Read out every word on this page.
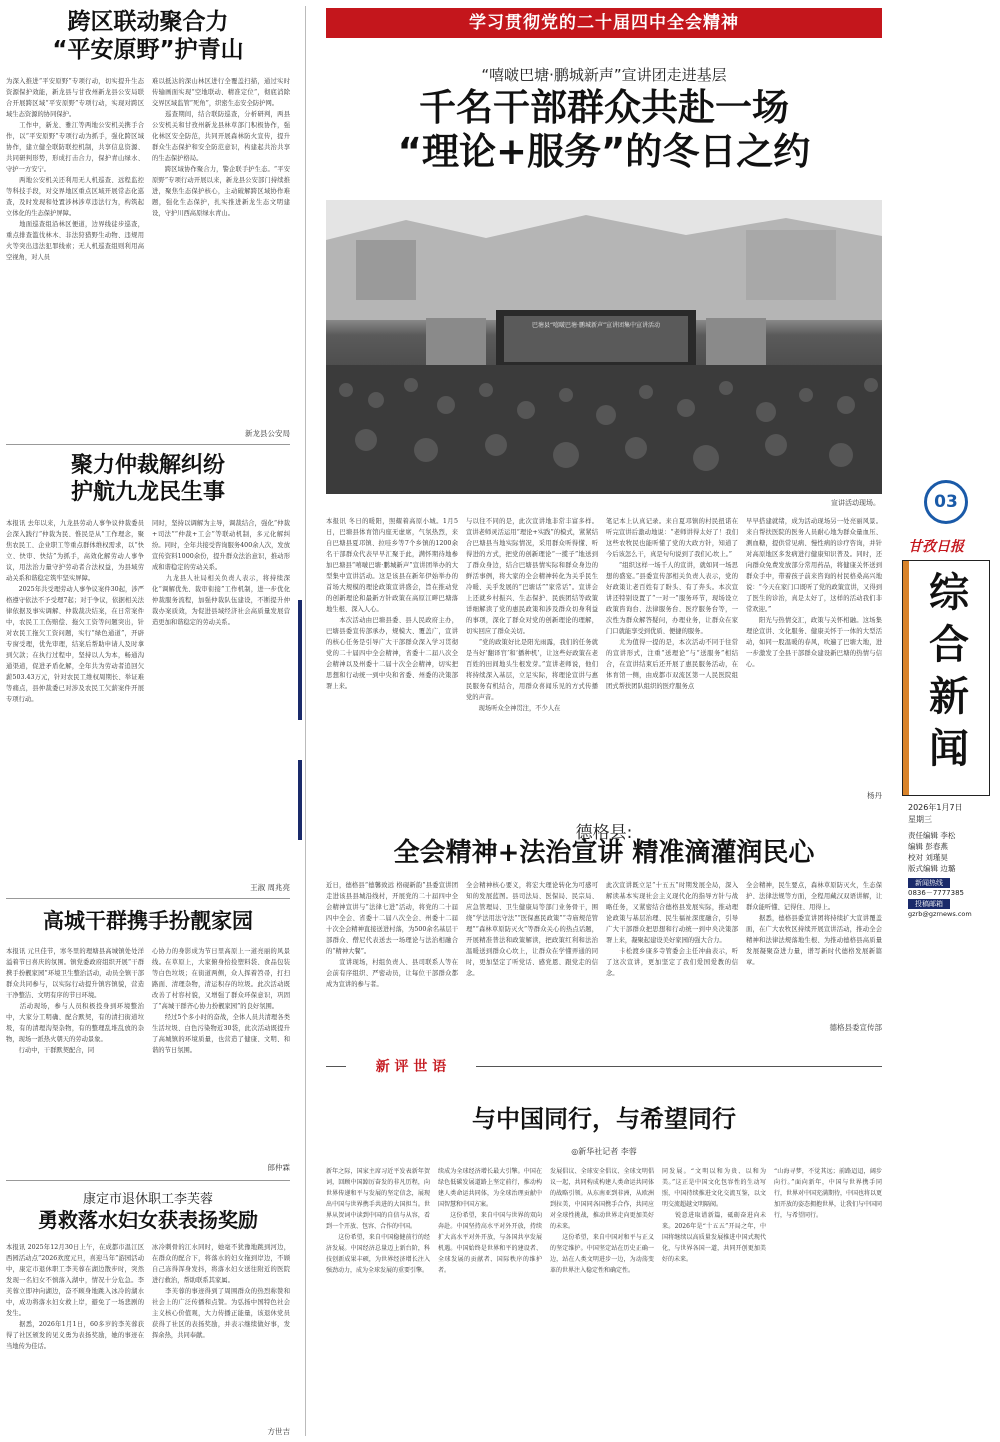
跨区联动聚合力
“平安原野”护青山
为深入推进“平安原野”专项行动，切实提升生态资源保护效能，新龙县与甘孜州新龙县公安局联合开展跨区域“平安原野”专项行动，实现对跨区域生态资源的协同保护。
　　工作中，新龙、雅江等两地公安机关携手合作，以“平安原野”专项行动为抓手，强化跨区域协作，建立健全联防联控机制，共享信息资源、共同研判形势，形成打击合力，保护青山绿水、守护一方安宁。
　　两地公安机关还利用无人机巡查、远程监控等科技手段，对交界地区重点区域开展常态化巡查，及时发现和处置涉林涉草违法行为，构筑起立体化的生态保护屏障。
　　地面巡查组沿林区便道，边界线徒步巡查，重点排查滥伐林木、非法狩猎野生动物、违规用火等突出违法犯罪线索；无人机巡查组则利用高空视角，对人员
难以抵达的深山林区进行全覆盖扫描，通过实时传输画面实现“空地联动、精准定位”，彻底消除交界区域监管“死角”，织密生态安全防护网。
　　巡查期间，结合联防巡查，分析研判，两县公安机关和甘孜州新龙县林草部门积极协作，强化林区安全防范，共同开展森林防火宣传，提升群众生态保护和安全防范意识，构建起共治共享的生态保护格局。
　　跨区域协作聚合力，警企联手护生态。“平安原野”专项行动开展以来，新龙县公安部门持续推进，聚焦生态保护核心，主动破解跨区域协作难题，强化生态保护，扎实推进新龙生态文明建设，守护川西高原绿水青山。
新龙县公安局
聚力仲裁解纠纷
护航九龙民生事
本报讯 去年以来，九龙县劳动人事争议仲裁委员会深入践行“仲裁为民、惟民是从”工作理念，聚焦农民工、企业职工等重点群体维权需求，以“快立、快审、快结”为抓手，高效化解劳动人事争议，用法治力量守护劳动者合法权益，为县域劳动关系和谐稳定筑牢坚实屏障。
　　2025年共受理劳动人事争议案件30起，涉严格遵守依法不予受理7起；对于争议，依据相关法律依据及事实调解、仲裁裁决结案，在日常案件中，农民工工伤赔偿、拖欠工资等问题突出，针对农民工拖欠工资问题，实行“绿色通道”，开辟专窗受理，优先审理，结案后帮助申请人及时拿到欠款；在执行过程中，坚持以人为本，畅通沟通渠道，促进矛盾化解，全年共为劳动者追回欠薪503.43万元，针对农民工维权周期长、举证难等痛点，县仲裁委已对涉及农民工欠薪案件开展专项行动。
同时，坚持以调解为主导，调裁结合，强化“仲裁+司法”“仲裁+工会”等联动机制，多元化解纠纷。同时，全年共接受咨询服务400余人次，发放宣传资料1000余份，提升群众法治意识，推动形成和谐稳定的劳动关系。
　　九龙县人社局相关负责人表示，将持续深化“调解优先、裁审衔接”工作机制，进一步优化仲裁服务流程，加强仲裁队伍建设，不断提升仲裁办案质效，为促进县域经济社会高质量发展营造更加和谐稳定的劳动关系。
王淑 周兆亮
高城干群携手扮靓家园
本报讯 元旦佳节，寒冬里的理塘县高城镇处处洋溢着节日喜庆的氛围。镇党委政府组织开展“干群携手扮靓家园”环境卫生整治活动，动员全镇干部群众共同参与，以实际行动提升镇容镇貌，营造干净整洁、文明有序的节日环境。
　　活动现场，参与人员积极投身到环境整治中，大家分工明确、配合默契，有的清扫街道垃圾，有的清理沟渠杂物，有的整理乱堆乱放的杂物，现场一派热火朝天的劳动景象。
　　行动中，干群默契配合，同
心协力的身影成为节日里高原上一道亮丽的风景线。在草原上，大家俯身拾捡塑料袋、食品包装等白色垃圾；在街道两侧，众人挥着笤帚，打扫路面、清理杂物，清运积存的垃圾。此次活动既改善了村容村貌，又增强了群众环保意识，巩固了“高城干群齐心协力扮靓家园”的良好氛围。
　　经过5个多小时的奋战，全体人员共清理各类生活垃圾、白色污染物近30袋，此次活动既提升了高城镇的环境质量，也营造了健康、文明、和谐的节日氛围。
郎仲霖
康定市退休职工李芙蓉
勇救落水妇女获表扬奖励
本报讯 2025年12月30日上午，在成都市温江区西园活动点“2026欢度元旦，喜迎马年”游园活动中，康定市退休职工李芙蓉在湖边散步时，突然发现一名妇女不慎落入湖中，情况十分危急。李芙蓉立即冲向湖边，奋不顾身地跳入冰冷的湖水中，成功将落水妇女救上岸，避免了一场悲剧的发生。
　　据悉，2026年1月1日，60多岁的李芙蓉获得了社区颁发的见义勇为表扬奖励，她的事迹在当地传为佳话。
冰冷刺骨的江水同时，她毫不犹豫地跳到河边，在群众的配合下，将落水的妇女拖到岸边，不顾自己冻得浑身发抖，将落水妇女送往附近的医院进行救治，帮助联系其家属。
　　李芙蓉的事迹得到了周围群众的热烈称赞和社会上的广泛传播和点赞。为弘扬中国特色社会主义核心价值观，大力传播正能量，该退休党员获得了社区的表扬奖励，并表示继续做好事，发挥余热，共同奉献。
方世吉
学习贯彻党的二十届四中全会精神
“嘻啵巴塘·鹏城新声”宣讲团走进基层
千名干部群众共赴一场
“理论+服务”的冬日之约
巴塘县“嘻啵巴塘·鹏城新声”宣讲团集中宣讲活动
宣讲活动现场。
本报讯 冬日的暖阳，照耀着高原小城。1月5日，巴塘县体育馆内座无虚席，气氛热烈，来自巴塘县夏邛镇、拉哇乡等7个乡镇的1200余名干部群众代表早早汇聚于此，满怀期待地参加巴塘县“嘻啵巴塘·鹏城新声”宣讲团举办的大型集中宣讲活动。这是该县在新年伊始举办的首场大规模的理论政策宣讲盛会，旨在推动党的创新理论和最新方针政策在高原江畔巴塘落地生根、深入人心。
　　本次活动由巴塘县委、县人民政府主办，巴塘县委宣传部承办，规模大、覆盖广，宣讲的核心任务是引导广大干部群众深入学习贯彻党的二十届四中全会精神，省委十二届八次全会精神以及州委十二届十次全会精神，切实把思想和行动统一到中央和省委、州委的决策部署上来。
与以往不同的是，此次宣讲地非常丰富多样。宣讲老师灵活运用“理论+实践”的模式，紧紧结合巴塘县当地实际情况，采用群众听得懂、听得进的方式，把党的创新理论“一揽子”地送到了群众身边，结合巴塘县情实际和群众身边的鲜活事例，将大家的全会精神转化为关乎民生冷暖、关乎发展的“巴塘话”“家常话”。宣讲会上还就乡村振兴、生态保护、民族团结等政策详细解读了党的惠民政策和涉及群众切身利益的事项，深化了群众对党的创新理论的理解，切实回应了群众关切。
　　“党的政策好比是阳光雨露，我们的任务就是当好‘翻译官’和‘播种机’，让这些好政策在老百姓的田间地头生根发芽。”宣讲老师说，他们将持续深入基层，立足实际，将理论宣讲与惠民服务有机结合，用群众喜闻乐见的方式传播党的声音。
　　现场听众全神贯注，不少人在
笔记本上认真记录。来自夏邛镇的村民扭诺在听完宣讲后激动地说：“老师讲得太好了！我们这些农牧民也能听懂了党的大政方针，知道了今后该怎么干，真是句句说到了我们心坎上。”
　　“组织这样一场千人的宣讲，就如同一场思想的盛宴。”县委宣传部相关负责人表示，党的好政策让老百姓有了盼头、有了奔头。本次宣讲还特别设置了“一对一”服务环节，现场设立政策咨询台、法律服务台、医疗服务台等，一次性为群众解答疑问，办理业务，让群众在家门口就能享受到优质、便捷的服务。
　　尤为值得一提的是，本次活动不同于往常的宣讲形式，注重“送理论”与“送服务”相结合，在宣讲结束后还开展了惠民服务活动，在体育馆一侧，由成都市双流区第一人民医院组团式帮扶团队组织的医疗服务点
早早搭建就绪，成为活动现场另一处亮丽风景。来自帮扶医院的医务人员耐心地为群众量血压、测血糖，提供常见病、慢性病的诊疗咨询，并针对高原地区多发病进行健康知识普及。同时，还向群众免费发放部分常用药品，将健康关怀送到群众手中，带着孩子前来咨询的村民格桑高兴地说：“今天在家门口既听了党的政策宣讲，又得到了医生的诊治，真是太好了，这样的活动我们非常欢迎。”
　　阳光与热情交汇，政策与关怀相融。这场集理论宣讲、文化服务、健康关怀于一体的大型活动，如同一股温暖的春风，吹遍了巴塘大地，进一步激发了全县干部群众建设新巴塘的热情与信心。
杨丹
德格县:
全会精神+法治宣讲 精准滴灌润民心
近日，德格县“德馨致远 格砚新韵”县委宣讲团走进该县县城沿线村，开展党的二十届四中全会精神宣讲与“法律七进”活动，将党的二十届四中全会、省委十二届八次全会、州委十二届十次全会精神直接送进村落，为500余名基层干部群众、僧尼代表送去一场理论与法治相融合的“精神大餐”。
　　宣讲现场，村组负责人、县司联系人等在会前有序组织、严密动员，让每位干部群众都成为宣讲的参与者。
全会精神核心要义，将宏大理论转化为可感可知的发展蓝图。县司法局、医保局、民宗局、应急管理局、卫生健康局等部门业务骨干，围绕“学法用法守法”“医保惠民政策”“寺庙规范管理”“森林草原防灭火”等群众关心的热点话题，开展精准普法和政策解读，把政策红利和法治温暖送到群众心坎上，让群众在学懂弄通的同时，更加坚定了听党话、感党恩、跟党走的信念。
此次宣讲既立足“十五五”时期发展全局，深入解读基本实现社会主义现代化的指导方针与战略任务，又紧密结合德格县发展实际，推动理论政策与基层治理、民生福祉深度融合，引导广大干部群众把思想和行动统一到中央决策部署上来，凝聚起建设美好家园的强大合力。
　　卡松渡乡康多寺管委会主任冲曲表示，听了这次宣讲，更加坚定了我们爱国爱教的信念。
全会精神，民生要点，森林草原防灭火，生态保护、法律法规等方面，全程用藏汉双语讲解，让群众能听懂、记得住、用得上。
　　据悉，德格县委宣讲团将持续扩大宣讲覆盖面，在广大农牧区持续开展宣讲活动，推动全会精神和法律法规落地生根、为推动德格县高质量发展凝聚奋进力量，谱写新时代德格发展新篇章。
德格县委宣传部
新 评 世 语
与中国同行，与希望同行
◎新华社记者 李蓉
新年之际，国家主席习近平发表新年贺词，回顾中国踔厉奋发的非凡历程，向世界传递和平与发展的坚定信念，展现出中国与世界携手共进的大国担当。世界从贺词中读到中国的自信与从容，看到一个开放、包容、合作的中国。
　　这份希望，来自中国稳健前行的经济发展。中国经济总量迈上新台阶，科技创新成果丰硕，为世界经济增长注入强劲动力，成为全球发展的重要引擎。
续成为全球经济增长最大引擎。中国在绿色低碳发展道路上坚定前行，推动构建人类命运共同体，为全球治理贡献中国智慧和中国方案。
　　这份希望，来自中国与世界的双向奔赴。中国坚持高水平对外开放，持续扩大高水平对外开放，与各国共享发展机遇。中国始终是世界和平的建设者、全球发展的贡献者、国际秩序的维护者。
发展倡议、全球安全倡议、全球文明倡议一起，共同构成构建人类命运共同体的战略引领。从东南亚到非洲，从欧洲到拉美，中国同各国携手合作，共同应对全球性挑战，推动世界走向更加美好的未来。
　　这份希望，来自中国对和平与正义的坚定维护。中国坚定站在历史正确一边，站在人类文明进步一边，为动荡变革的世界注入稳定性和确定性。
同发展。“文明以和为贵、以和为美。”这正是中国文化包容性的生动写照，中国持续推进文化交流互鉴，以文明交流超越文明隔阂。
　　锐意进取谱新篇，砥砺奋进向未来。2026年是“十五五”开局之年，中国将继续以高质量发展推进中国式现代化，与世界各国一道，共同开创更加美好的未来。
“山海寻梦，不觉其远；前路迢迢，阔步向行。”面向新年，中国与世界携手同行，世界对中国充满期待，中国也将以更加开放的姿态拥抱世界，让我们与中国同行，与希望同行。
03
甘孜日报
综
合
新
闻
2026年1月7日
星期三
责任编辑 李松
编辑 彭春燕
校对 刘瑾昊
版式编辑 边璐
新闻热线
0836－7777385
投稿邮箱
gzrb@gzrnews.com
